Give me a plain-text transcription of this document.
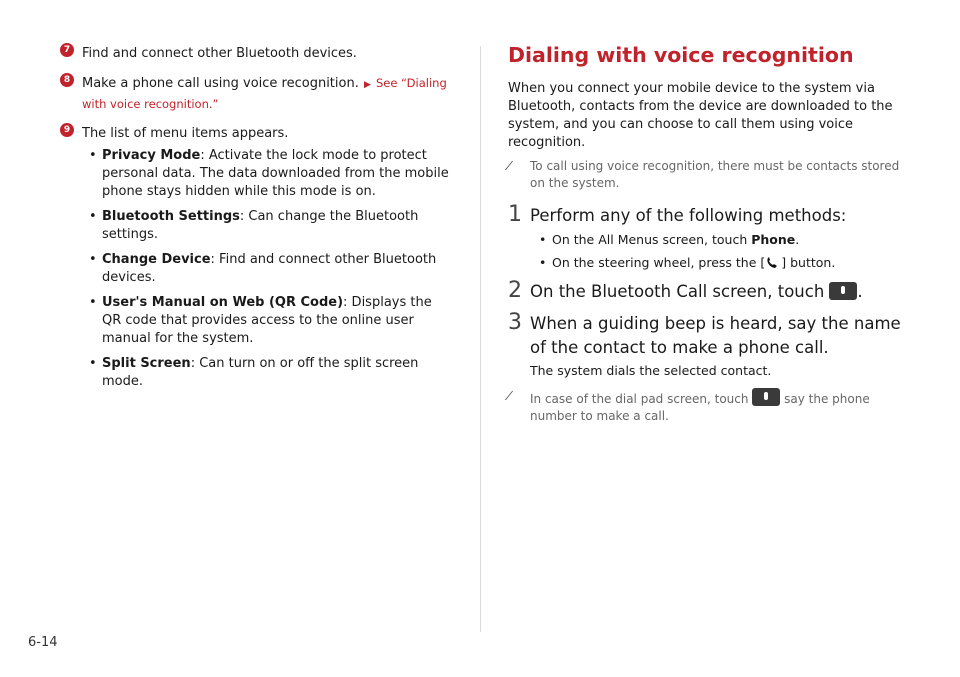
7 Find and connect other Bluetooth devices.
8 Make a phone call using voice recognition. ▶ See “Dialing with voice recognition.”
9 The list of menu items appears.
• Privacy Mode: Activate the lock mode to protect personal data. The data downloaded from the mobile phone stays hidden while this mode is on.
• Bluetooth Settings: Can change the Bluetooth settings.
• Change Device: Find and connect other Bluetooth devices.
• User's Manual on Web (QR Code): Displays the QR code that provides access to the online user manual for the system.
• Split Screen: Can turn on or off the split screen mode.
Dialing with voice recognition

When you connect your mobile device to the system via Bluetooth, contacts from the device are downloaded to the system, and you can choose to call them using voice recognition.

⁄ To call using voice recognition, there must be contacts stored on the system.
1 Perform any of the following methods:
• On the All Menus screen, touch Phone.
• On the steering wheel, press the [ ] button.
2 On the Bluetooth Call screen, touch .
3 When a guiding beep is heard, say the name of the contact to make a phone call.

The system dials the selected contact.

⁄ In case of the dial pad screen, touch	say the phone number to make a call.
6-14
